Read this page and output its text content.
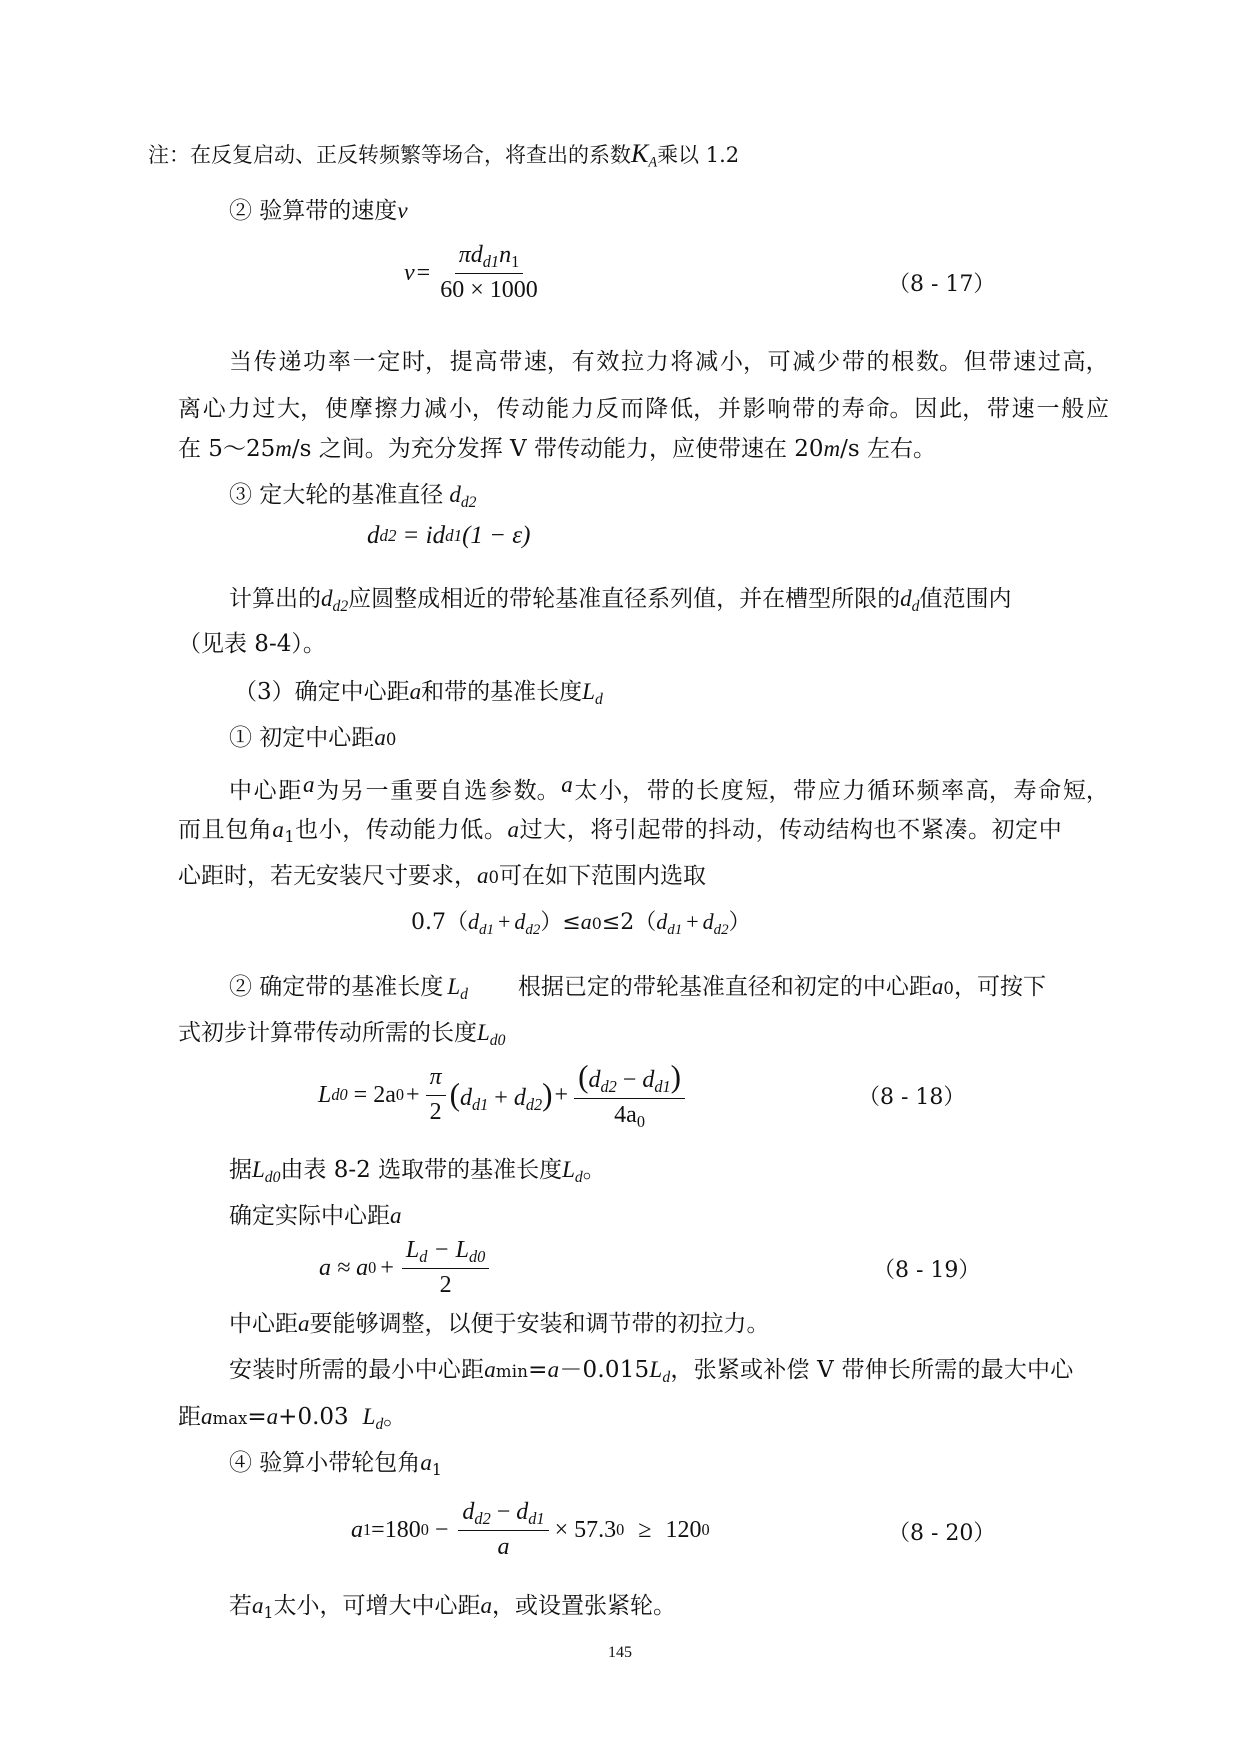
注：在反复启动、正反转频繁等场合，将查出的系数$K_A$乘以 1.2
② 验算带的速度v
$v = \frac{\pi d_{d1}n_1}{60 \times 1000}$	（8 - 17）
当 传 递 功 率 一 定 时， 提 高 带 速， 有 效 拉 力 将 减 小， 可 减 少 带 的 根 数。 但 带 速 过 高，
离 心 力 过 大， 使 摩 擦 力 减 小， 传 动 能 力 反 而 降 低， 并 影 响 带 的 寿 命。 因 此， 带 速 一 般 应
在 5～25m/s 之间。为充分发挥 V 带传动能力，应使带速在 20m/s 左右。
③ 定大轮的基准直径 $d_{d2}$
d d2 = id d1 (1 − ε)
计算出的$d_{d2}$应圆整成相近的带轮基准直径系列值，并在槽型所限的$d_d$值范围内
（见表 8-4）。
（3）确定中心距a和带的基准长度$L_d$
① 初定中心距a0
中 心 距 a 为 另 一 重 要 自 选 参 数。 a 太 小， 带 的 长 度 短， 带 应 力 循 环 频 率 高， 寿 命 短，
而且包角$a_1$也小，传动能力低。a过大，将引起带的抖动，传动结构也不紧凑。初定中
心距时，若无安装尺寸要求，a0可在如下范围内选取
$0.7(d_{d1} + d_{d2})\le a0\le 2(d_{d1} + d_{d2})$
② 确定带的基准长度 $L_d$ 根据已定的带轮基准直径和初定的中心距a0，可按下
式初步计算带传动所需的长度$L_{d0}$
L d0 = 2a $0 + \frac{\pi}{2} (d_{d1} + d_{d2}) + \frac{(d_{d2} - d_{d1})}{4a_0}$	（8 - 18）
据$L_{d0}$由表 8-2 选取带的基准长度$L_d$。
确定实际中心距a
a ≈ a $0 + \frac{L_d - L_{d0}}{2}$	（8 - 19）
中心距a要能够调整，以便于安装和调节带的初拉力。
安装时所需的最小中心距$amin=a-0.015L_d$，张紧或补偿 V 带伸长所需的最大中心
距amax=a+0.03 $L_d$。
④ 验算小带轮包角$a_1$
a 1 =180 $0 - \frac{d_{d2} - d_{d1}}{a} \times 57.3$ 0 ≥ 120 0	（8 - 20）
若$a_1$太小，可增大中心距a，或设置张紧轮。
145
